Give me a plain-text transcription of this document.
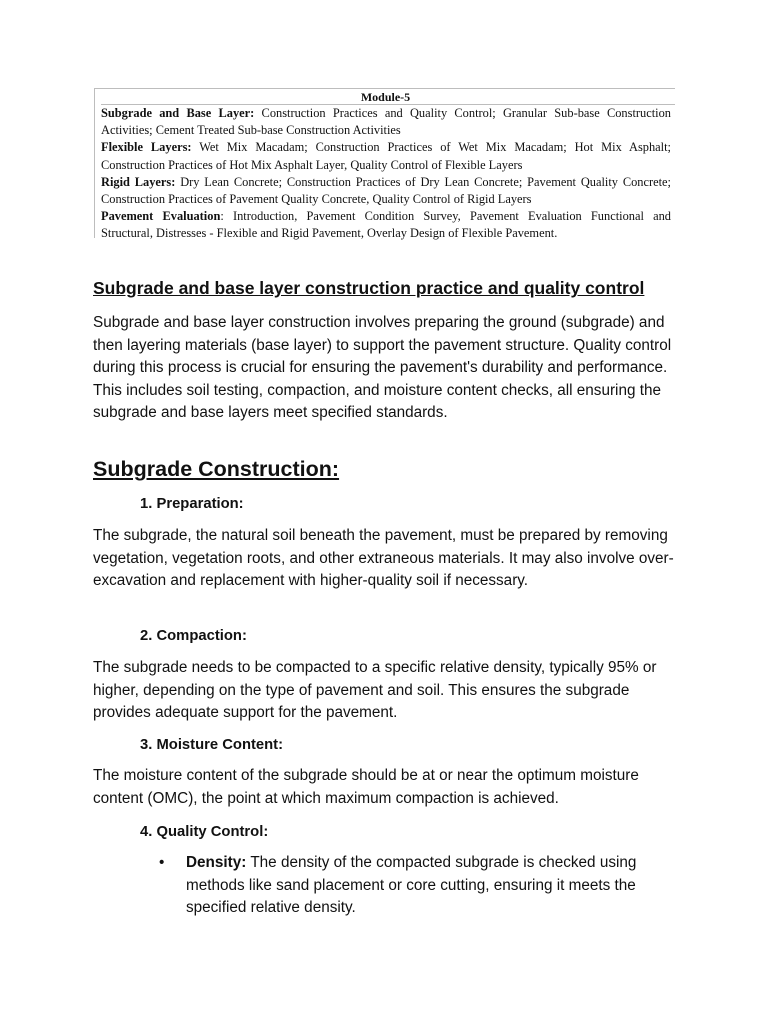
Module-5

Subgrade and Base Layer: Construction Practices and Quality Control; Granular Sub-base Construction Activities; Cement Treated Sub-base Construction Activities

Flexible Layers: Wet Mix Macadam; Construction Practices of Wet Mix Macadam; Hot Mix Asphalt; Construction Practices of Hot Mix Asphalt Layer, Quality Control of Flexible Layers

Rigid Layers: Dry Lean Concrete; Construction Practices of Dry Lean Concrete; Pavement Quality Concrete; Construction Practices of Pavement Quality Concrete, Quality Control of Rigid Layers

Pavement Evaluation: Introduction, Pavement Condition Survey, Pavement Evaluation Functional and Structural, Distresses - Flexible and Rigid Pavement, Overlay Design of Flexible Pavement.

Subgrade and base layer construction practice and quality control

Subgrade and base layer construction involves preparing the ground (subgrade) and then layering materials (base layer) to support the pavement structure. Quality control during this process is crucial for ensuring the pavement's durability and performance. This includes soil testing, compaction, and moisture content checks, all ensuring the subgrade and base layers meet specified standards.

Subgrade Construction:
1. Preparation:

The subgrade, the natural soil beneath the pavement, must be prepared by removing vegetation, vegetation roots, and other extraneous materials. It may also involve over-excavation and replacement with higher-quality soil if necessary.

2. Compaction:

The subgrade needs to be compacted to a specific relative density, typically 95% or higher, depending on the type of pavement and soil. This ensures the subgrade provides adequate support for the pavement.

3. Moisture Content:

The moisture content of the subgrade should be at or near the optimum moisture content (OMC), the point at which maximum compaction is achieved.

4. Quality Control:
• Density: The density of the compacted subgrade is checked using methods like sand placement or core cutting, ensuring it meets the specified relative density.
